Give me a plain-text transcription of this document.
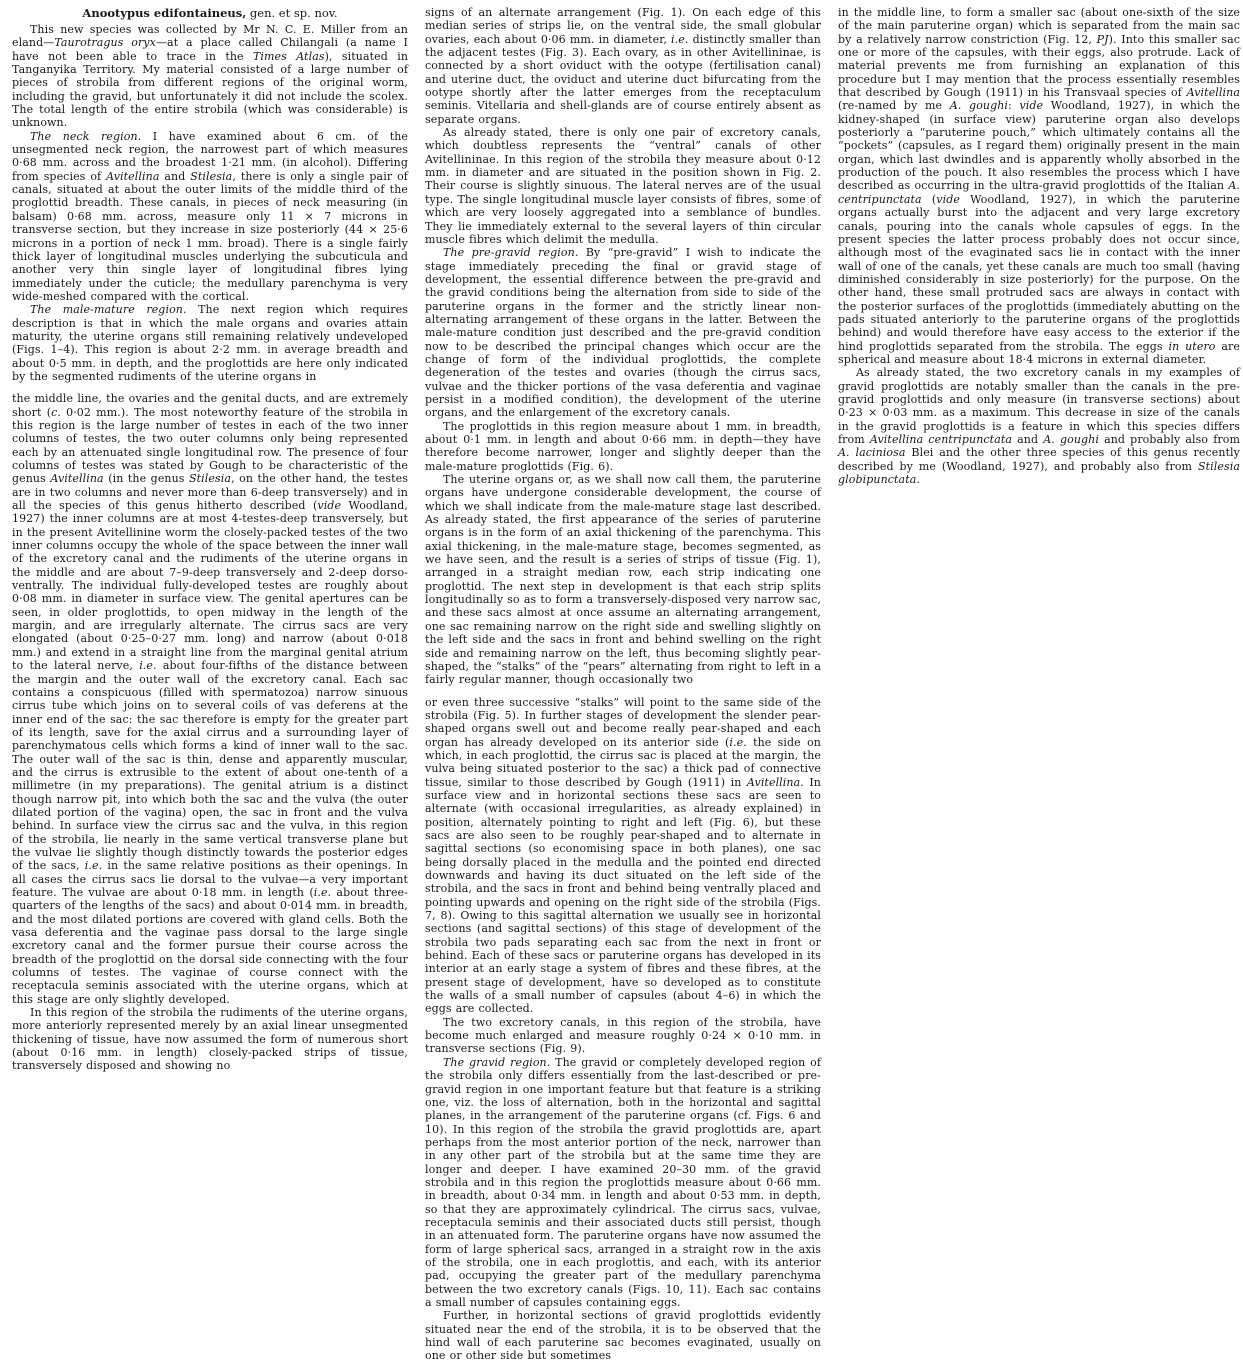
Anootypus edifontaineus, gen. et sp. nov.

This new species was collected by Mr N. C. E. Miller from an eland—Taurotragus oryx—at a place called Chilangali (a name I have not been able to trace in the Times Atlas), situated in Tanganyika Territory. My material consisted of a large number of pieces of strobila from different regions of the original worm, including the gravid, but unfortunately it did not include the scolex. The total length of the entire strobila (which was considerable) is unknown.

The neck region. I have examined about 6 cm. of the unsegmented neck region, the narrowest part of which measures 0·68 mm. across and the broadest 1·21 mm. (in alcohol). Differing from species of Avitellina and Stilesia, there is only a single pair of canals, situated at about the outer limits of the middle third of the proglottid breadth. These canals, in pieces of neck measuring (in balsam) 0·68 mm. across, measure only 11 × 7 microns in transverse section, but they increase in size posteriorly (44 × 25·6 microns in a portion of neck 1 mm. broad). There is a single fairly thick layer of longitudinal muscles underlying the subcuticula and another very thin single layer of longitudinal fibres lying immediately under the cuticle; the medullary parenchyma is very wide-meshed compared with the cortical.

The male-mature region. The next region which requires description is that in which the male organs and ovaries attain maturity, the uterine organs still remaining relatively undeveloped (Figs. 1–4). This region is about 2·2 mm. in average breadth and about 0·5 mm. in depth, and the proglottids are here only indicated by the segmented rudiments of the uterine organs in

the middle line, the ovaries and the genital ducts, and are extremely short (c. 0·02 mm.). The most noteworthy feature of the strobila in this region is the large number of testes in each of the two inner columns of testes, the two outer columns only being represented each by an attenuated single longitudinal row. The presence of four columns of testes was stated by Gough to be characteristic of the genus Avitellina (in the genus Stilesia, on the other hand, the testes are in two columns and never more than 6-deep transversely) and in all the species of this genus hitherto described (vide Woodland, 1927) the inner columns are at most 4-testes-deep transversely, but in the present Avitellinine worm the closely-packed testes of the two inner columns occupy the whole of the space between the inner wall of the excretory canal and the rudiments of the uterine organs in the middle and are about 7–9-deep transversely and 2-deep dorso-ventrally. The individual fully-developed testes are roughly about 0·08 mm. in diameter in surface view. The genital apertures can be seen, in older proglottids, to open midway in the length of the margin, and are irregularly alternate. The cirrus sacs are very elongated (about 0·25–0·27 mm. long) and narrow (about 0·018 mm.) and extend in a straight line from the marginal genital atrium to the lateral nerve, i.e. about four-fifths of the distance between the margin and the outer wall of the excretory canal. Each sac contains a conspicuous (filled with spermatozoa) narrow sinuous cirrus tube which joins on to several coils of vas deferens at the inner end of the sac: the sac therefore is empty for the greater part of its length, save for the axial cirrus and a surrounding layer of parenchymatous cells which forms a kind of inner wall to the sac. The outer wall of the sac is thin, dense and apparently muscular, and the cirrus is extrusible to the extent of about one-tenth of a millimetre (in my preparations). The genital atrium is a distinct though narrow pit, into which both the sac and the vulva (the outer dilated portion of the vagina) open, the sac in front and the vulva behind. In surface view the cirrus sac and the vulva, in this region of the strobila, lie nearly in the same vertical transverse plane but the vulvae lie slightly though distinctly towards the posterior edges of the sacs, i.e. in the same relative positions as their openings. In all cases the cirrus sacs lie dorsal to the vulvae—a very important feature. The vulvae are about 0·18 mm. in length (i.e. about three-quarters of the lengths of the sacs) and about 0·014 mm. in breadth, and the most dilated portions are covered with gland cells. Both the vasa deferentia and the vaginae pass dorsal to the large single excretory canal and the former pursue their course across the breadth of the proglottid on the dorsal side connecting with the four columns of testes. The vaginae of course connect with the receptacula seminis associated with the uterine organs, which at this stage are only slightly developed.

In this region of the strobila the rudiments of the uterine organs, more anteriorly represented merely by an axial linear unsegmented thickening of tissue, have now assumed the form of numerous short (about 0·16 mm. in length) closely-packed strips of tissue, transversely disposed and showing no

signs of an alternate arrangement (Fig. 1). On each edge of this median series of strips lie, on the ventral side, the small globular ovaries, each about 0·06 mm. in diameter, i.e. distinctly smaller than the adjacent testes (Fig. 3). Each ovary, as in other Avitellininae, is connected by a short oviduct with the ootype (fertilisation canal) and uterine duct, the oviduct and uterine duct bifurcating from the ootype shortly after the latter emerges from the receptaculum seminis. Vitellaria and shell-glands are of course entirely absent as separate organs.

As already stated, there is only one pair of excretory canals, which doubtless represents the “ventral” canals of other Avitellininae. In this region of the strobila they measure about 0·12 mm. in diameter and are situated in the position shown in Fig. 2. Their course is slightly sinuous. The lateral nerves are of the usual type. The single longitudinal muscle layer consists of fibres, some of which are very loosely aggregated into a semblance of bundles. They lie immediately external to the several layers of thin circular muscle fibres which delimit the medulla.

The pre-gravid region. By “pre-gravid” I wish to indicate the stage immediately preceding the final or gravid stage of development, the essential difference between the pre-gravid and the gravid conditions being the alternation from side to side of the paruterine organs in the former and the strictly linear non-alternating arrangement of these organs in the latter. Between the male-mature condition just described and the pre-gravid condition now to be described the principal changes which occur are the change of form of the individual proglottids, the complete degeneration of the testes and ovaries (though the cirrus sacs, vulvae and the thicker portions of the vasa deferentia and vaginae persist in a modified condition), the development of the uterine organs, and the enlargement of the excretory canals.

The proglottids in this region measure about 1 mm. in breadth, about 0·1 mm. in length and about 0·66 mm. in depth—they have therefore become narrower, longer and slightly deeper than the male-mature proglottids (Fig. 6).

The uterine organs or, as we shall now call them, the paruterine organs have undergone considerable development, the course of which we shall indicate from the male-mature stage last described. As already stated, the first appearance of the series of paruterine organs is in the form of an axial thickening of the parenchyma. This axial thickening, in the male-mature stage, becomes segmented, as we have seen, and the result is a series of strips of tissue (Fig. 1), arranged in a straight median row, each strip indicating one proglottid. The next step in development is that each strip splits longitudinally so as to form a transversely-disposed very narrow sac, and these sacs almost at once assume an alternating arrangement, one sac remaining narrow on the right side and swelling slightly on the left side and the sacs in front and behind swelling on the right side and remaining narrow on the left, thus becoming slightly pear-shaped, the “stalks” of the “pears” alternating from right to left in a fairly regular manner, though occasionally two

or even three successive “stalks” will point to the same side of the strobila (Fig. 5). In further stages of development the slender pear-shaped organs swell out and become really pear-shaped and each organ has already developed on its anterior side (i.e. the side on which, in each proglottid, the cirrus sac is placed at the margin, the vulva being situated posterior to the sac) a thick pad of connective tissue, similar to those described by Gough (1911) in Avitellina. In surface view and in horizontal sections these sacs are seen to alternate (with occasional irregularities, as already explained) in position, alternately pointing to right and left (Fig. 6), but these sacs are also seen to be roughly pear-shaped and to alternate in sagittal sections (so economising space in both planes), one sac being dorsally placed in the medulla and the pointed end directed downwards and having its duct situated on the left side of the strobila, and the sacs in front and behind being ventrally placed and pointing upwards and opening on the right side of the strobila (Figs. 7, 8). Owing to this sagittal alternation we usually see in horizontal sections (and sagittal sections) of this stage of development of the strobila two pads separating each sac from the next in front or behind. Each of these sacs or paruterine organs has developed in its interior at an early stage a system of fibres and these fibres, at the present stage of development, have so developed as to constitute the walls of a small number of capsules (about 4–6) in which the eggs are collected.

The two excretory canals, in this region of the strobila, have become much enlarged and measure roughly 0·24 × 0·10 mm. in transverse sections (Fig. 9).

The gravid region. The gravid or completely developed region of the strobila only differs essentially from the last-described or pre-gravid region in one important feature but that feature is a striking one, viz. the loss of alternation, both in the horizontal and sagittal planes, in the arrangement of the paruterine organs (cf. Figs. 6 and 10). In this region of the strobila the gravid proglottids are, apart perhaps from the most anterior portion of the neck, narrower than in any other part of the strobila but at the same time they are longer and deeper. I have examined 20–30 mm. of the gravid strobila and in this region the proglottids measure about 0·66 mm. in breadth, about 0·34 mm. in length and about 0·53 mm. in depth, so that they are approximately cylindrical. The cirrus sacs, vulvae, receptacula seminis and their associated ducts still persist, though in an attenuated form. The paruterine organs have now assumed the form of large spherical sacs, arranged in a straight row in the axis of the strobila, one in each proglottis, and each, with its anterior pad, occupying the greater part of the medullary parenchyma between the two excretory canals (Figs. 10, 11). Each sac contains a small number of capsules containing eggs.

Further, in horizontal sections of gravid proglottids evidently situated near the end of the strobila, it is to be observed that the hind wall of each paruterine sac becomes evaginated, usually on one or other side but sometimes

in the middle line, to form a smaller sac (about one-sixth of the size of the main paruterine organ) which is separated from the main sac by a relatively narrow constriction (Fig. 12, PJ). Into this smaller sac one or more of the capsules, with their eggs, also protrude. Lack of material prevents me from furnishing an explanation of this procedure but I may mention that the process essentially resembles that described by Gough (1911) in his Transvaal species of Avitellina (re-named by me A. goughi: vide Woodland, 1927), in which the kidney-shaped (in surface view) paruterine organ also develops posteriorly a “paruterine pouch,” which ultimately contains all the “pockets” (capsules, as I regard them) originally present in the main organ, which last dwindles and is apparently wholly absorbed in the production of the pouch. It also resembles the process which I have described as occurring in the ultra-gravid proglottids of the Italian A. centripunctata (vide Woodland, 1927), in which the paruterine organs actually burst into the adjacent and very large excretory canals, pouring into the canals whole capsules of eggs. In the present species the latter process probably does not occur since, although most of the evaginated sacs lie in contact with the inner wall of one of the canals, yet these canals are much too small (having diminished considerably in size posteriorly) for the purpose. On the other hand, these small protruded sacs are always in contact with the posterior surfaces of the proglottids (immediately abutting on the pads situated anteriorly to the paruterine organs of the proglottids behind) and would therefore have easy access to the exterior if the hind proglottids separated from the strobila. The eggs in utero are spherical and measure about 18·4 microns in external diameter.

As already stated, the two excretory canals in my examples of gravid proglottids are notably smaller than the canals in the pre-gravid proglottids and only measure (in transverse sections) about 0·23 × 0·03 mm. as a maximum. This decrease in size of the canals in the gravid proglottids is a feature in which this species differs from Avitellina centripunctata and A. goughi and probably also from A. laciniosa Blei and the other three species of this genus recently described by me (Woodland, 1927), and probably also from Stilesia globipunctata.
